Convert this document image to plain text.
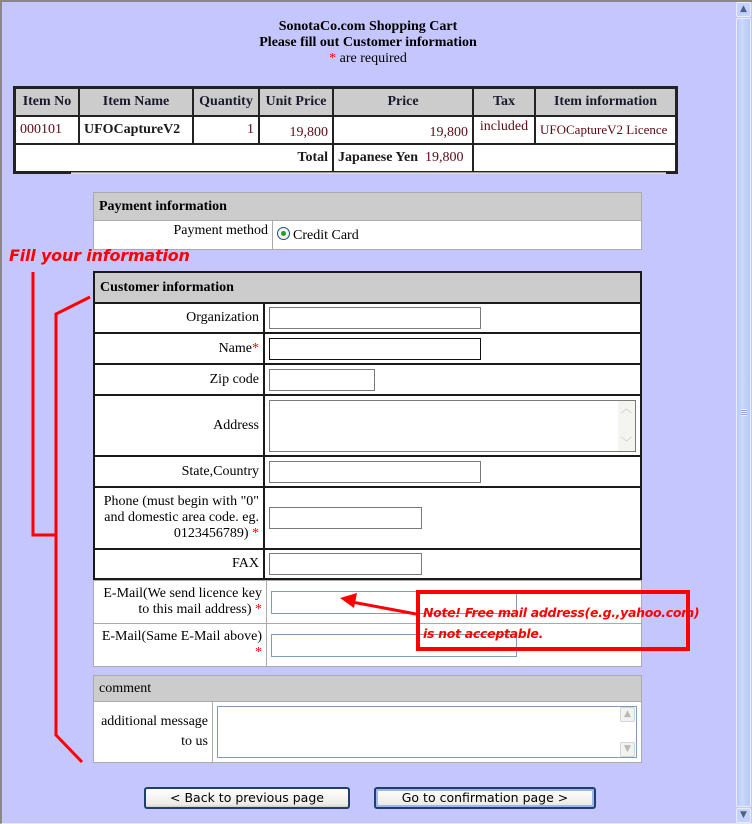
SonotaCo.com Shopping Cart
Please fill out Customer information
* are required
Item No	Item Name	Quantity	Unit Price	Price	Tax	Item information
000101	UFOCaptureV2	1	19,800	19,800	included	UFOCaptureV2 Licence
Total				Japanese Yen 19,800		
Payment information
Payment method	Credit Card
Customer information	
Organization	
Name*	
Zip code	
Address	︿
﹀

State,Country	
Phone (must begin with "0" and domestic area code. eg. 0123456789) *	
FAX	
E-Mail(We send licence key to this mail address) *	
E-Mail(Same E-Mail above) *	
comment
additional message to us	
▲
▼
< Back to previous page	Go to confirmation page >
Fill your information
Note! Free mail address(e.g.,yahoo.com)
is not acceptable.
▲
▼
